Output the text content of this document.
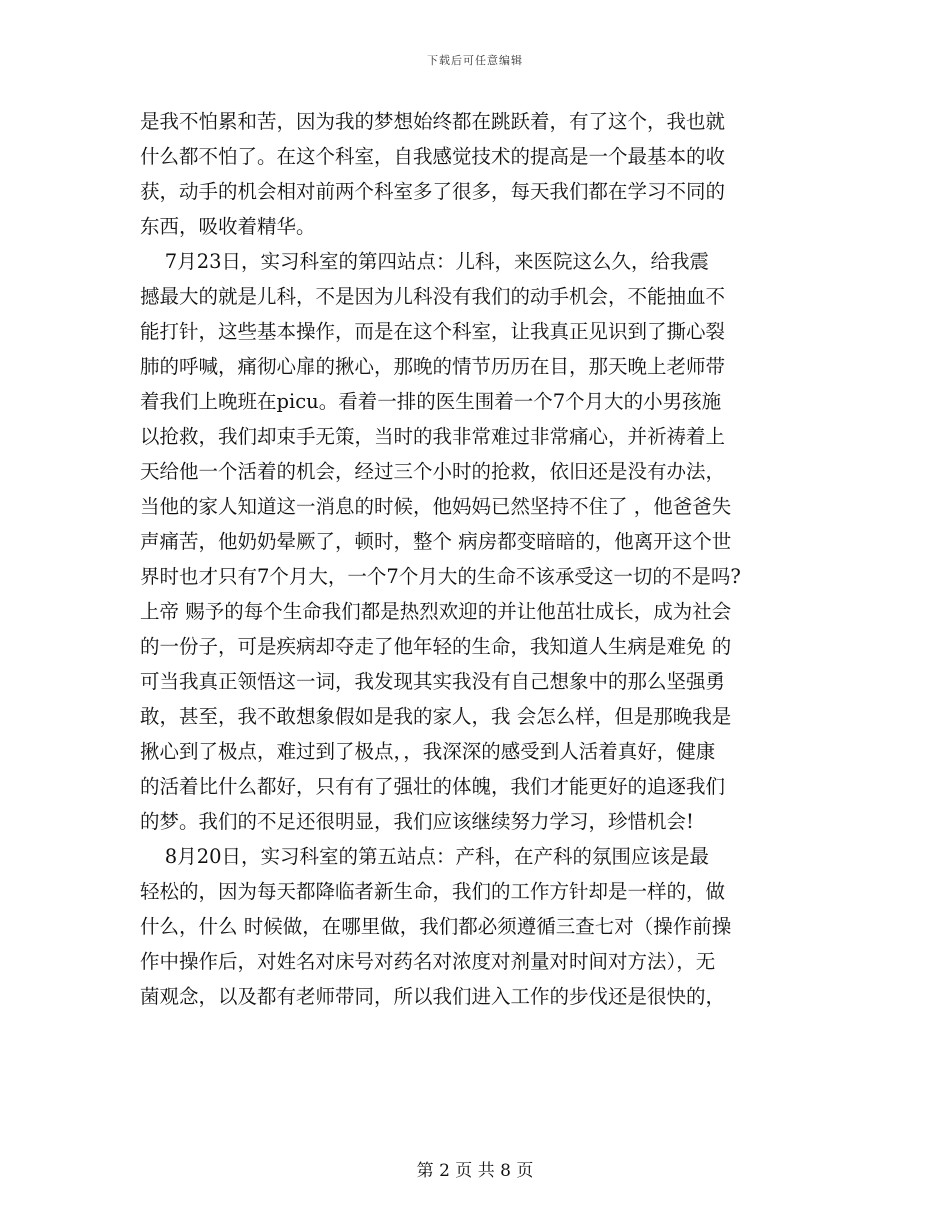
下载后可任意编辑
是我不怕累和苦，因为我的梦想始终都在跳跃着，有了这个，我也就
什么都不怕了。在这个科室，自我感觉技术的提高是一个最基本的收
获，动手的机会相对前两个科室多了很多，每天我们都在学习不同的
东西，吸收着精华。
7月23日，实习科室的第四站点：儿科，来医院这么久，给我震
撼最大的就是儿科，不是因为儿科没有我们的动手机会，不能抽血不
能打针，这些基本操作，而是在这个科室，让我真正见识到了撕心裂
肺的呼喊，痛彻心扉的揪心，那晚的情节历历在目，那天晚上老师带
着我们上晚班在picu。看着一排的医生围着一个7个月大的小男孩施
以抢救，我们却束手无策，当时的我非常难过非常痛心，并祈祷着上
天给他一个活着的机会，经过三个小时的抢救，依旧还是没有办法，
当他的家人知道这一消息的时候，他妈妈已然坚持不住了 ，他爸爸失
声痛苦，他奶奶晕厥了，顿时，整个 病房都变暗暗的，他离开这个世
界时也才只有7个月大，一个7个月大的生命不该承受这一切的不是吗?
上帝 赐予的每个生命我们都是热烈欢迎的并让他茁壮成长，成为社会
的一份子，可是疾病却夺走了他年轻的生命，我知道人生病是难免 的
可当我真正领悟这一词，我发现其实我没有自己想象中的那么坚强勇
敢，甚至，我不敢想象假如是我的家人，我 会怎么样，但是那晚我是
揪心到了极点，难过到了极点，，我深深的感受到人活着真好，健康
的活着比什么都好，只有有了强壮的体魄，我们才能更好的追逐我们
的梦。我们的不足还很明显，我们应该继续努力学习，珍惜机会!
8月20日，实习科室的第五站点：产科，在产科的氛围应该是最
轻松的，因为每天都降临者新生命，我们的工作方针却是一样的，做
什么，什么 时候做，在哪里做，我们都必须遵循三查七对（操作前操
作中操作后，对姓名对床号对药名对浓度对剂量对时间对方法），无
菌观念，以及都有老师带同，所以我们进入工作的步伐还是很快的，
第 2 页 共 8 页
